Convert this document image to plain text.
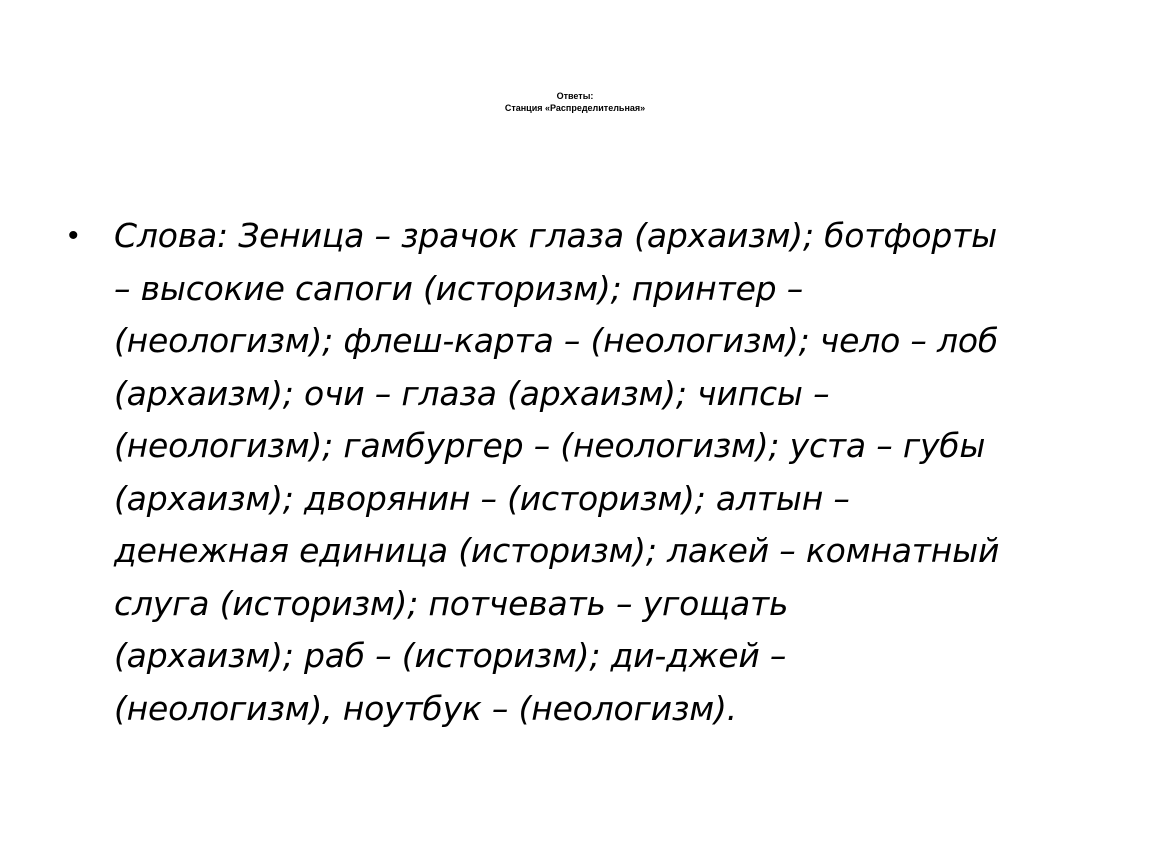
Ответы:
Станция «Распределительная»
•	Слова: Зеница – зрачок глаза (архаизм); ботфорты
– высокие сапоги (историзм); принтер –
(неологизм); флеш-карта – (неологизм); чело – лоб
(архаизм); очи – глаза (архаизм); чипсы –
(неологизм); гамбургер – (неологизм); уста – губы
(архаизм); дворянин – (историзм); алтын –
денежная единица (историзм); лакей – комнатный
слуга (историзм); потчевать – угощать
(архаизм); раб – (историзм); ди-джей –
(неологизм), ноутбук – (неологизм).
